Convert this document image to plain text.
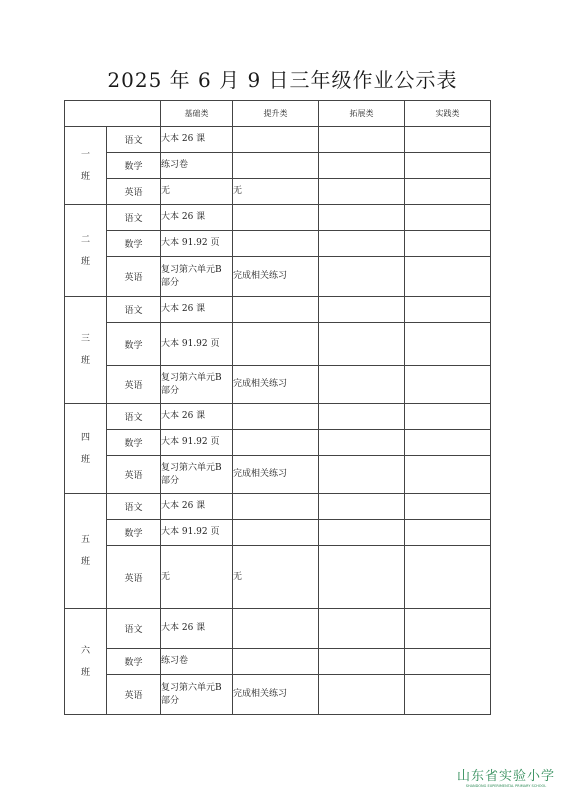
2025 年 6 月 9 日三年级作业公示表
		基础类	提升类	拓展类	实践类

一
班	语文	大本 26 课			
	数学	练习卷			
	英语	无	无		

二
班	语文	大本 26 课			
	数学	大本 91.92 页			
	英语	复习第六单元B 部分	完成相关练习		

三
班	语文	大本 26 课			
	数学	大本 91.92 页			
	英语	复习第六单元B 部分	完成相关练习		

四
班	语文	大本 26 课			
	数学	大本 91.92 页			
	英语	复习第六单元B 部分	完成相关练习		

五
班	语文	大本 26 课			
	数学	大本 91.92 页			
	英语	无	无		

六
班	语文	大本 26 课			
	数学	练习卷			
	英语	复习第六单元B 部分	完成相关练习		
山东省实验小学
SHANDONG EXPERIMENTAL PRIMARY SCHOOL
